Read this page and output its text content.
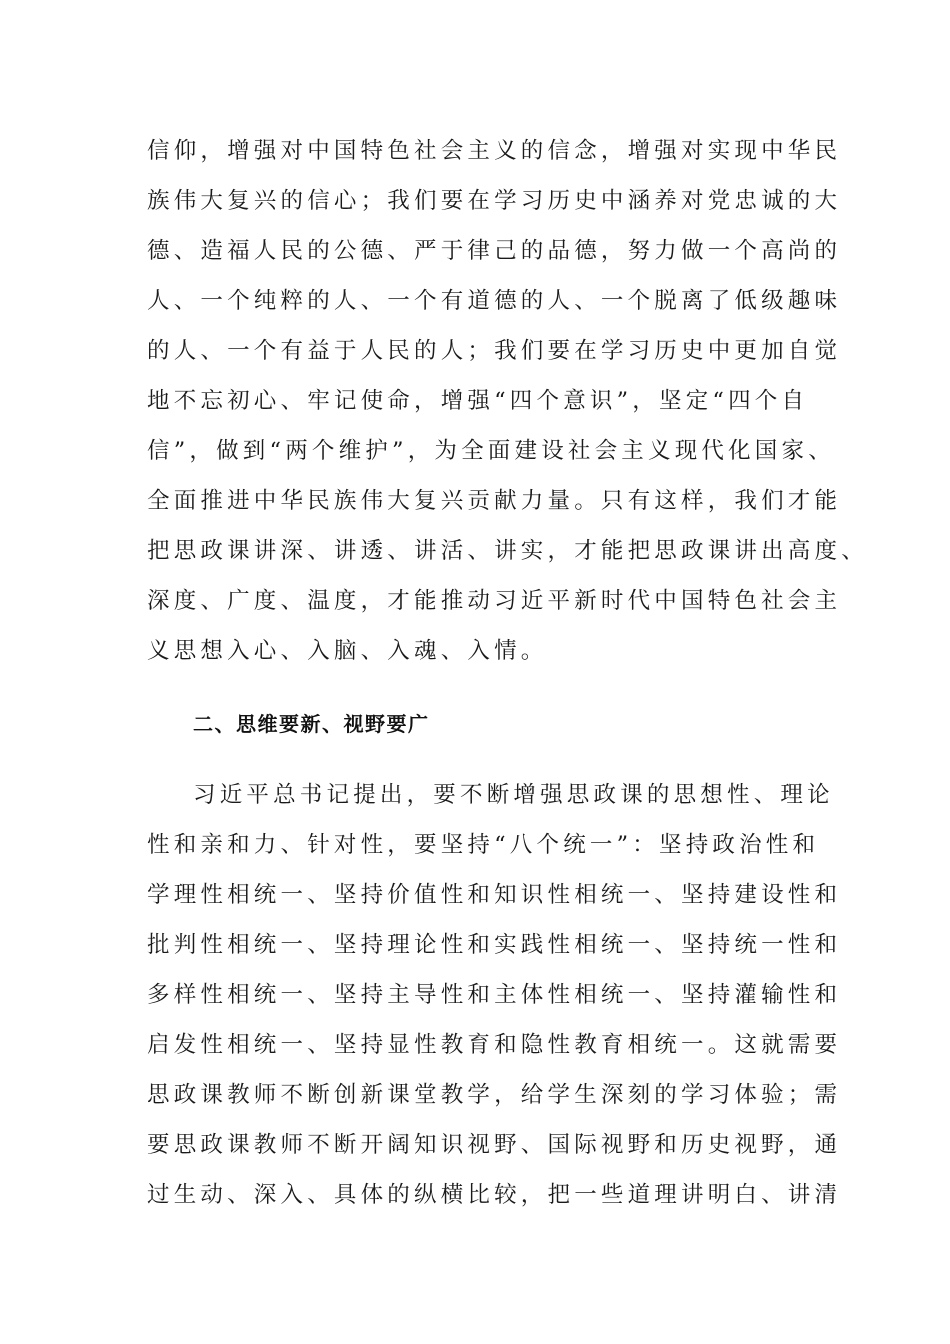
信仰，增强对中国特色社会主义的信念，增强对实现中华民
族伟大复兴的信心；我们要在学习历史中涵养对党忠诚的大
德、造福人民的公德、严于律己的品德，努力做一个高尚的
人、一个纯粹的人、一个有道德的人、一个脱离了低级趣味
的人、一个有益于人民的人；我们要在学习历史中更加自觉
地不忘初心、牢记使命，增强“四个意识”，坚定“四个自
信”，做到“两个维护”，为全面建设社会主义现代化国家、
全面推进中华民族伟大复兴贡献力量。只有这样，我们才能
把思政课讲深、讲透、讲活、讲实，才能把思政课讲出高度、
深度、广度、温度，才能推动习近平新时代中国特色社会主
义思想入心、入脑、入魂、入情。
二、思维要新、视野要广
习近平总书记提出，要不断增强思政课的思想性、理论
性和亲和力、针对性，要坚持“八个统一”：坚持政治性和
学理性相统一、坚持价值性和知识性相统一、坚持建设性和
批判性相统一、坚持理论性和实践性相统一、坚持统一性和
多样性相统一、坚持主导性和主体性相统一、坚持灌输性和
启发性相统一、坚持显性教育和隐性教育相统一。这就需要
思政课教师不断创新课堂教学，给学生深刻的学习体验；需
要思政课教师不断开阔知识视野、国际视野和历史视野，通
过生动、深入、具体的纵横比较，把一些道理讲明白、讲清
